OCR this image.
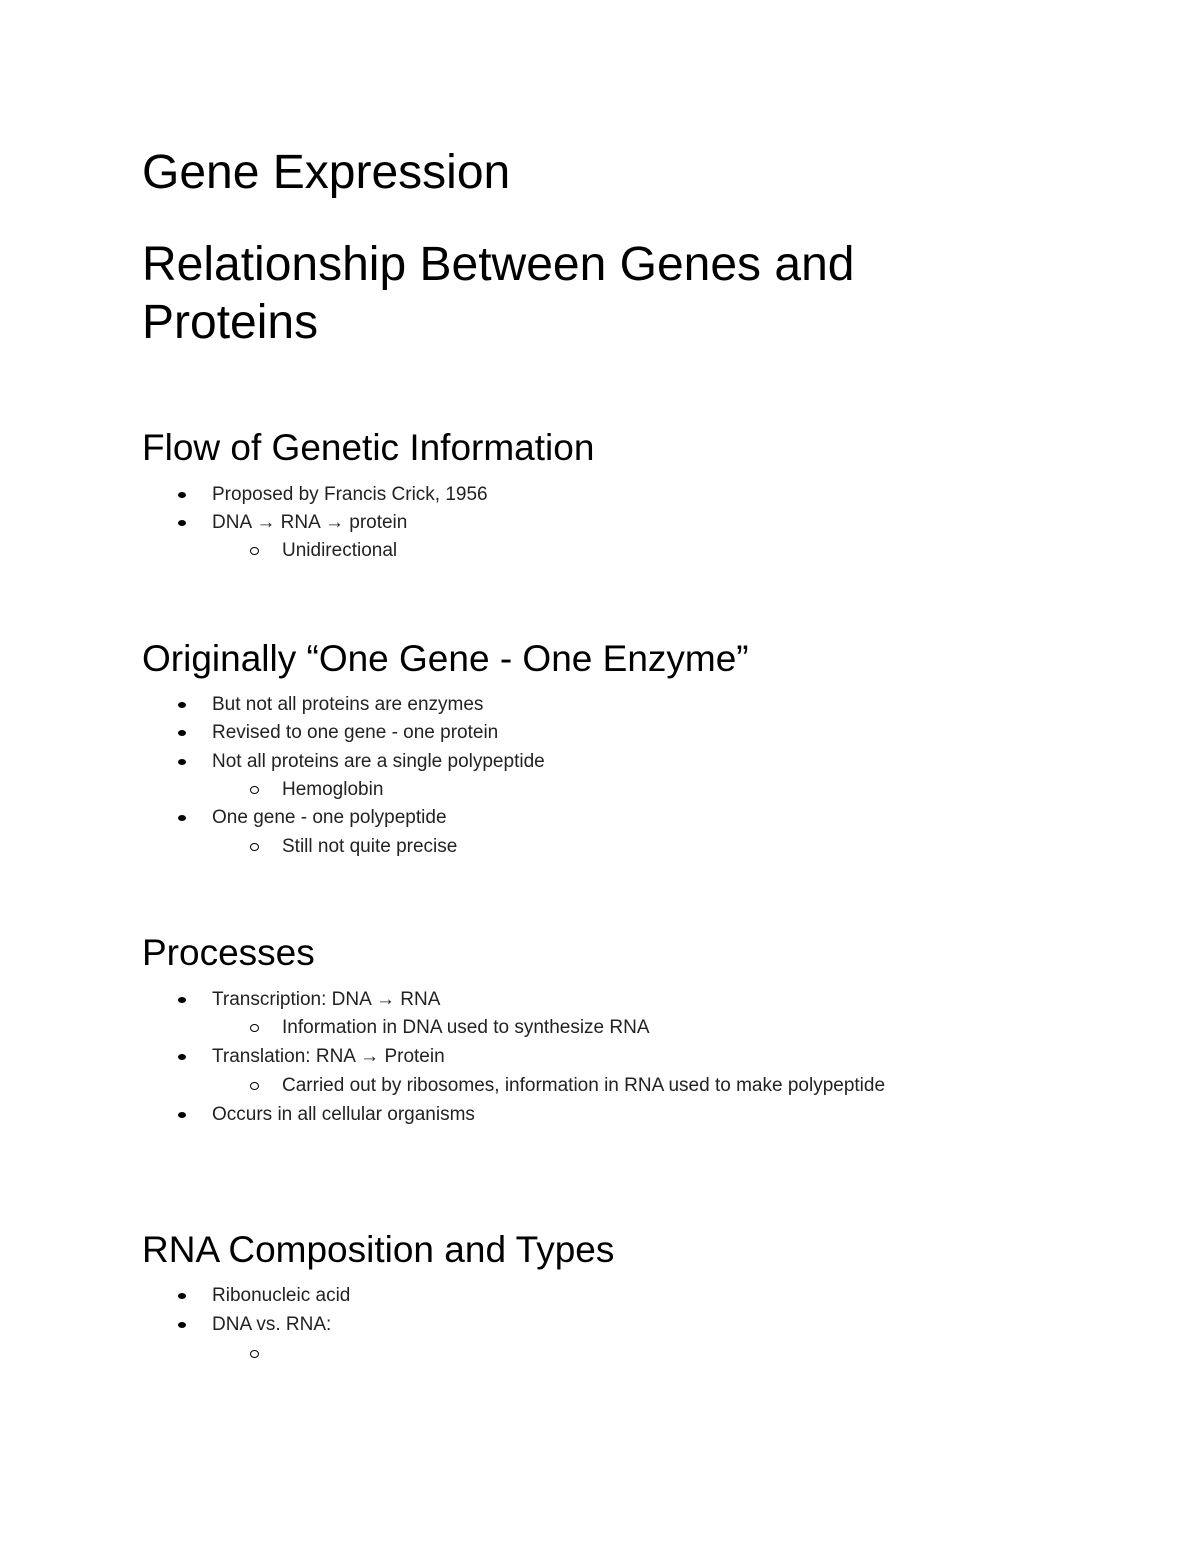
Gene Expression
Relationship Between Genes and Proteins
Flow of Genetic Information
Proposed by Francis Crick, 1956
DNA → RNA → protein
Unidirectional
Originally “One Gene - One Enzyme”
But not all proteins are enzymes
Revised to one gene - one protein
Not all proteins are a single polypeptide
Hemoglobin
One gene - one polypeptide
Still not quite precise
Processes
Transcription: DNA → RNA
Information in DNA used to synthesize RNA
Translation: RNA → Protein
Carried out by ribosomes, information in RNA used to make polypeptide
Occurs in all cellular organisms
RNA Composition and Types
Ribonucleic acid
DNA vs. RNA:
